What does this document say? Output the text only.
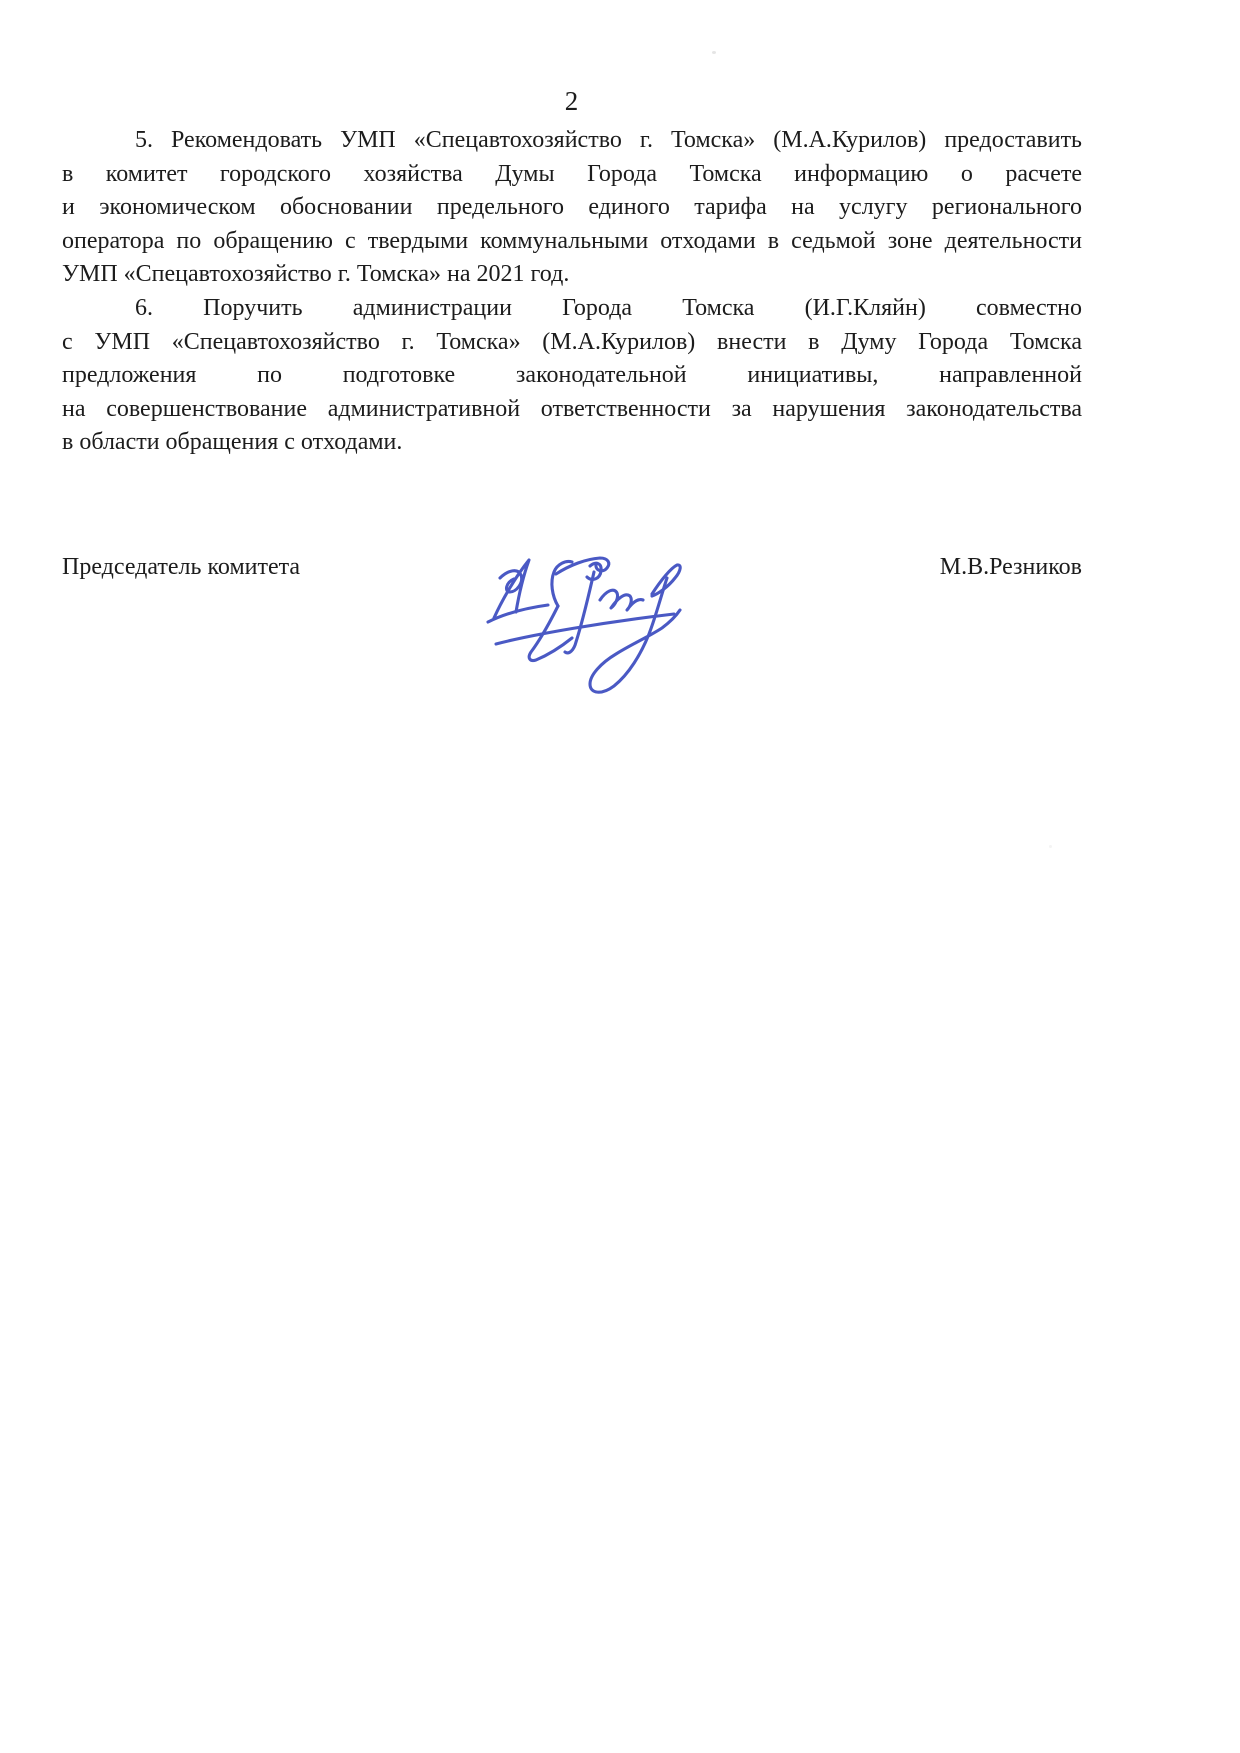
2
5. Рекомендовать УМП «Спецавтохозяйство г. Томска» (М.А.Курилов) предоставить
в комитет городского хозяйства Думы Города Томска информацию о расчете
и экономическом обосновании предельного единого тарифа на услугу регионального
оператора по обращению с твердыми коммунальными отходами в седьмой зоне деятельности
УМП «Спецавтохозяйство г. Томска» на 2021 год.
6. Поручить администрации Города Томска (И.Г.Кляйн) совместно
с УМП «Спецавтохозяйство г. Томска» (М.А.Курилов) внести в Думу Города Томска
предложения по подготовке законодательной инициативы, направленной
на совершенствование административной ответственности за нарушения законодательства
в области обращения с отходами.
Председатель комитета	М.В.Резников
